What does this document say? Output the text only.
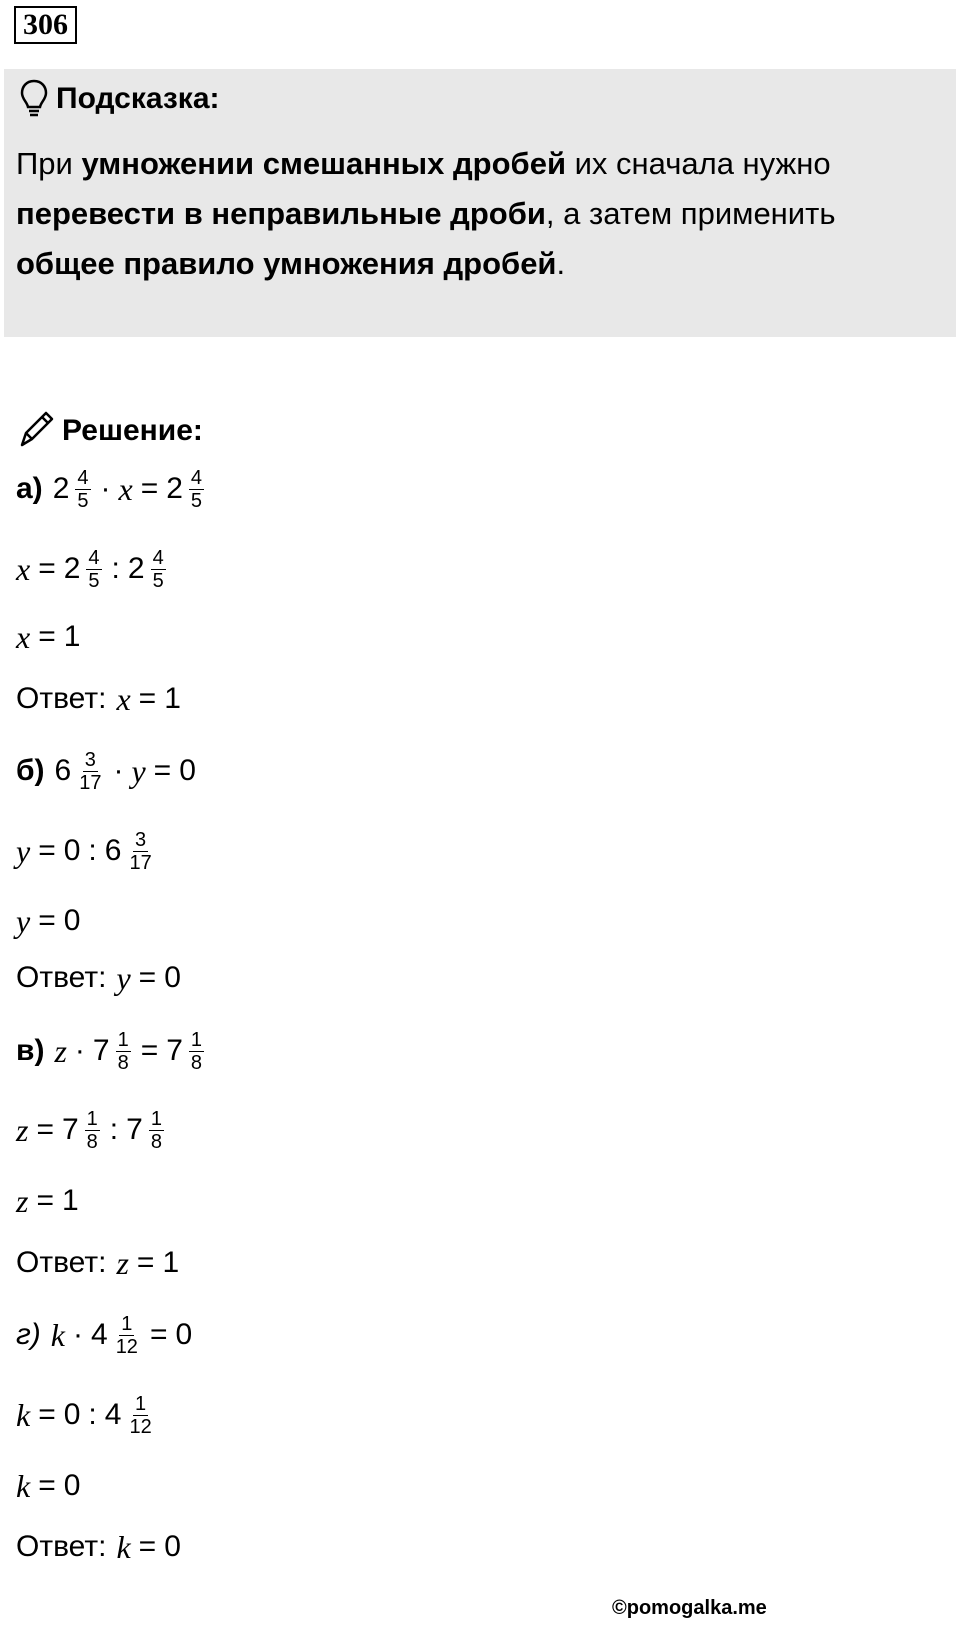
306
Подсказка:
При умножении смешанных дробей их сначала нужно перевести в неправильные дроби, а затем применить общее правило умножения дробей.
Решение:
а) $2 \frac{4}{5} \cdot x = 2 \frac{4}{5}$
$x = 2 \frac{4}{5}$ : $2 \frac{4}{5}$
x = 1
Ответ: x = 1
б) $6 \frac{3}{17} \cdot y = 0$
y = 0 : $6 \frac{3}{17}$
y = 0
Ответ: y = 0
в) $z \cdot 7 \frac{1}{8} = 7 \frac{1}{8}$
$z = 7 \frac{1}{8}$ : $7 \frac{1}{8}$
z = 1
Ответ: z = 1
г) $k \cdot 4 \frac{1}{12} = 0$
k = 0 : $4 \frac{1}{12}$
k = 0
Ответ: k = 0
©pomogalka.me
